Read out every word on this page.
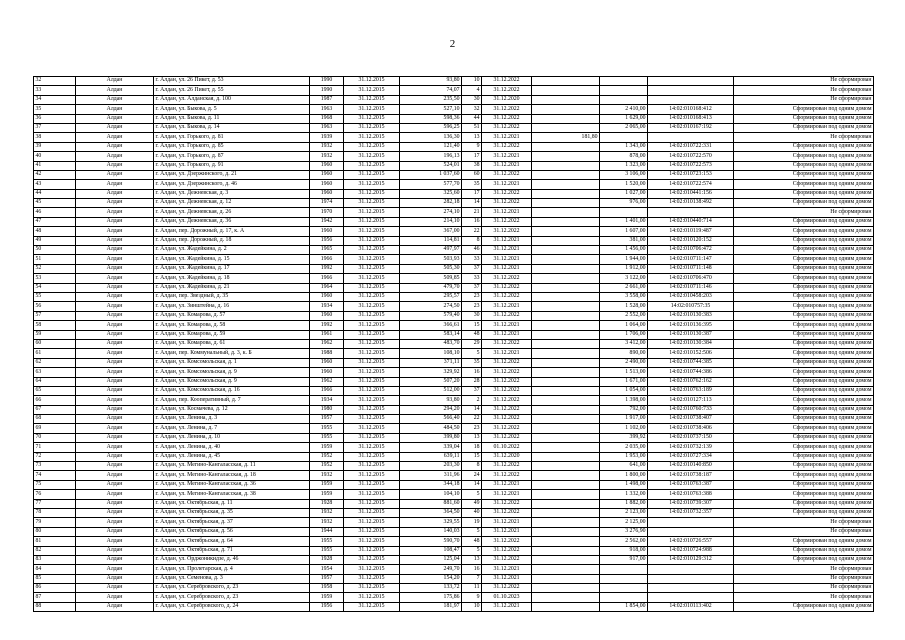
2
32	Алдан	г. Алдан, ул. 26 Пикет, д. 53	1990	31.12.2015	93,80	10	31.12.2022				Не сформирован
33	Алдан	г. Алдан, ул. 26 Пикет, д. 55	1990	31.12.2015	74,07	4	31.12.2022				Не сформирован
34	Алдан	г. Алдан, ул. Алданская, д. 100	1987	31.12.2015	235,50	30	31.12.2020				Не сформирован
35	Алдан	г. Алдан, ул. Быкова, д. 5	1963	31.12.2015	527,10	32	31.12.2022		2 410,00	14:02:010168:412	Сформирован под одним домом
36	Алдан	г. Алдан, ул. Быкова, д. 11	1968	31.12.2015	598,36	44	31.12.2022		1 629,00	14:02:010168:413	Сформирован под одним домом
37	Алдан	г. Алдан, ул. Быкова, д. 14	1963	31.12.2015	596,25	51	31.12.2022		2 065,00	14:02:010167:192	Сформирован под одним домом
38	Алдан	г. Алдан, ул. Горького, д. 81	1939	31.12.2015	136,30	13	31.12.2021	181,80			Не сформирован
39	Алдан	г. Алдан, ул. Горького, д. 85	1932	31.12.2015	121,40	9	31.12.2022		1 343,00	14:02:010722:331	Сформирован под одним домом
40	Алдан	г. Алдан, ул. Горького, д. 87	1932	31.12.2015	196,13	17	31.12.2021		878,00	14:02:010722:570	Сформирован под одним домом
41	Алдан	г. Алдан, ул. Горького, д. 91	1960	31.12.2015	524,01	38	31.12.2021		1 323,00	14:02:010722:573	Сформирован под одним домом
42	Алдан	г. Алдан, ул. Дзержинского, д. 21	1960	31.12.2015	1 037,60	60	31.12.2022		3 106,00	14:02:010723:153	Сформирован под одним домом
43	Алдан	г. Алдан, ул. Дзержинского, д. 46	1960	31.12.2015	577,70	35	31.12.2021		1 520,00	14:02:010722:574	Сформирован под одним домом
44	Алдан	г. Алдан, ул. Дежневская, д. 3	1960	31.12.2015	325,60	17	31.12.2022		1 027,00	14:02:010441:156	Сформирован под одним домом
45	Алдан	г. Алдан, ул. Дежневская, д. 12	1974	31.12.2015	282,18	14	31.12.2022		976,00	14:02:010138:492	Сформирован под одним домом
46	Алдан	г. Алдан, ул. Дежневская, д. 26	1970	31.12.2015	274,10	21	31.12.2021				Не сформирован
47	Алдан	г. Алдан, ул. Дежневская, д. 36	1942	31.12.2015	214,10	16	31.12.2022		1 401,00	14:02:010440:714	Сформирован под одним домом
48	Алдан	г. Алдан, пер. Дорожный, д. 17, к. А	1960	31.12.2015	367,00	22	31.12.2022		1 607,00	14:02:010119:487	Сформирован под одним домом
49	Алдан	г. Алдан, пер. Дорожный, д. 18	1956	31.12.2015	114,81	8	31.12.2021		381,00	14:02:010120:152	Сформирован под одним домом
50	Алдан	г. Алдан, ул. Жадейкина, д. 2	1965	31.12.2015	497,97	46	31.12.2021		1 456,00	14:02:010706:472	Сформирован под одним домом
51	Алдан	г. Алдан, ул. Жадейкина, д. 15	1966	31.12.2015	503,93	33	31.12.2021		1 944,00	14:02:010711:147	Сформирован под одним домом
52	Алдан	г. Алдан, ул. Жадейкина, д. 17	1992	31.12.2015	505,30	37	31.12.2021		1 912,00	14:02:010711:148	Сформирован под одним домом
53	Алдан	г. Алдан, ул. Жадейкина, д. 18	1966	31.12.2015	509,85	33	31.12.2022		3 122,00	14:02:010706:470	Сформирован под одним домом
54	Алдан	г. Алдан, ул. Жадейкина, д. 21	1964	31.12.2015	479,70	37	31.12.2022		2 661,00	14:02:010711:146	Сформирован под одним домом
55	Алдан	г. Алдан, пер. Звездный, д. 35	1960	31.12.2015	295,57	23	31.12.2022		3 558,00	14:02:010458:203	Сформирован под одним домом
56	Алдан	г. Алдан, ул. Зинштейна, д. 16	1934	31.12.2015	274,50	23	31.12.2021		1 528,00	14:02:010757:35	Сформирован под одним домом
57	Алдан	г. Алдан, ул. Комарова, д. 57	1960	31.12.2015	579,40	30	31.12.2022		2 552,00	14:02:010130:383	Сформирован под одним домом
58	Алдан	г. Алдан, ул. Комарова, д. 58	1992	31.12.2015	366,61	15	31.12.2021		1 064,00	14:02:010136:395	Сформирован под одним домом
59	Алдан	г. Алдан, ул. Комарова, д. 59	1961	31.12.2015	583,14	48	31.12.2021		1 706,00	14:02:010130:387	Сформирован под одним домом
60	Алдан	г. Алдан, ул. Комарова, д. 61	1962	31.12.2015	483,70	29	31.12.2022		3 412,00	14:02:010130:384	Сформирован под одним домом
61	Алдан	г. Алдан, пер. Коммунальный, д. 3, к. Б	1988	31.12.2015	108,10	5	31.12.2021		890,00	14:02:010152:506	Сформирован под одним домом
62	Алдан	г. Алдан, ул. Комсомольская, д. 1	1960	31.12.2015	371,11	35	31.12.2022		2 490,00	14:02:010744:385	Сформирован под одним домом
63	Алдан	г. Алдан, ул. Комсомольская, д. 9	1960	31.12.2015	329,92	16	31.12.2022		1 513,00	14:02:010744:386	Сформирован под одним домом
64	Алдан	г. Алдан, ул. Комсомольская, д. 9	1962	31.12.2015	507,20	28	31.12.2022		1 671,00	14:02:010762:162	Сформирован под одним домом
65	Алдан	г. Алдан, ул. Комсомольская, д. 16	1966	31.12.2015	512,00	37	31.12.2022		1 054,00	14:02:010763:189	Сформирован под одним домом
66	Алдан	г. Алдан, пер. Кооперативный, д. 7	1934	31.12.2015	93,80	2	31.12.2022		1 398,00	14:02:010127:113	Сформирован под одним домом
67	Алдан	г. Алдан, ул. Космачева, д. 12	1980	31.12.2015	294,20	14	31.12.2022		792,00	14:02:010760:733	Сформирован под одним домом
68	Алдан	г. Алдан, ул. Ленина, д. 3	1957	31.12.2015	566,40	22	31.12.2022		1 917,00	14:02:010738:407	Сформирован под одним домом
69	Алдан	г. Алдан, ул. Ленина, д. 7	1955	31.12.2015	484,50	23	31.12.2022		1 102,00	14:02:010738:406	Сформирован под одним домом
70	Алдан	г. Алдан, ул. Ленина, д. 10	1955	31.12.2015	399,80	13	31.12.2022		399,92	14:02:010737:150	Сформирован под одним домом
71	Алдан	г. Алдан, ул. Ленина, д. 40	1959	31.12.2015	339,04	18	01.10.2022		2 035,00	14:02:010732:139	Сформирован под одним домом
72	Алдан	г. Алдан, ул. Ленина, д. 45	1952	31.12.2015	639,11	15	31.12.2020		1 953,00	14:02:010727:334	Сформирован под одним домом
73	Алдан	г. Алдан, ул. Мегино-Кангаласская, д. 11	1952	31.12.2015	203,30	8	31.12.2022		641,00	14:02:010140:850	Сформирован под одним домом
74	Алдан	г. Алдан, ул. Мегино-Кангаласская, д. 18	1932	31.12.2015	311,96	24	31.12.2022		1 800,00	14:02:010738:187	Сформирован под одним домом
75	Алдан	г. Алдан, ул. Мегино-Кангаласская, д. 36	1959	31.12.2015	344,18	14	31.12.2021		1 498,00	14:02:010763:387	Сформирован под одним домом
76	Алдан	г. Алдан, ул. Мегино-Кангаласская, д. 38	1959	31.12.2015	104,10	5	31.12.2021		1 332,00	14:02:010763:388	Сформирован под одним домом
77	Алдан	г. Алдан, ул. Октябрьская, д. 11	1928	31.12.2015	881,60	49	31.12.2022		1 882,00	14:02:010739:307	Сформирован под одним домом
78	Алдан	г. Алдан, ул. Октябрьская, д. 35	1932	31.12.2015	364,50	40	31.12.2022		2 123,00	14:02:010732:357	Сформирован под одним домом
79	Алдан	г. Алдан, ул. Октябрьская, д. 37	1932	31.12.2015	329,55	19	31.12.2021		2 125,00		Не сформирован
80	Алдан	г. Алдан, ул. Октябрьская, д. 56	1944	31.12.2015	140,03	5	31.12.2021		3 276,90		Не сформирован
81	Алдан	г. Алдан, ул. Октябрьская, д. 64	1955	31.12.2015	590,70	48	31.12.2022		2 562,00	14:02:010726:557	Сформирован под одним домом
82	Алдан	г. Алдан, ул. Октябрьская, д. 71	1955	31.12.2015	108,47	5	31.12.2022		918,00	14:02:010724:988	Сформирован под одним домом
83	Алдан	г. Алдан, ул. Орджоникидзе, д. 46	1928	31.12.2015	125,04	13	31.12.2022		917,00	14:02:010129:312	Сформирован под одним домом
84	Алдан	г. Алдан, ул. Пролетарская, д. 4	1954	31.12.2015	249,70	16	31.12.2021				Не сформирован
85	Алдан	г. Алдан, ул. Семенова, д. 3	1957	31.12.2015	154,20	7	31.12.2021				Не сформирован
86	Алдан	г. Алдан, ул. Серебровского, д. 23	1958	31.12.2015	133,72	11	31.12.2022				Не сформирован
87	Алдан	г. Алдан, ул. Серебровского, д. 23	1959	31.12.2015	175,86	9	01.10.2023				Не сформирован
88	Алдан	г. Алдан, ул. Серебровского, д. 24	1956	31.12.2015	181,97	10	31.12.2021		1 854,00	14:02:010113:402	Сформирован под одним домом
